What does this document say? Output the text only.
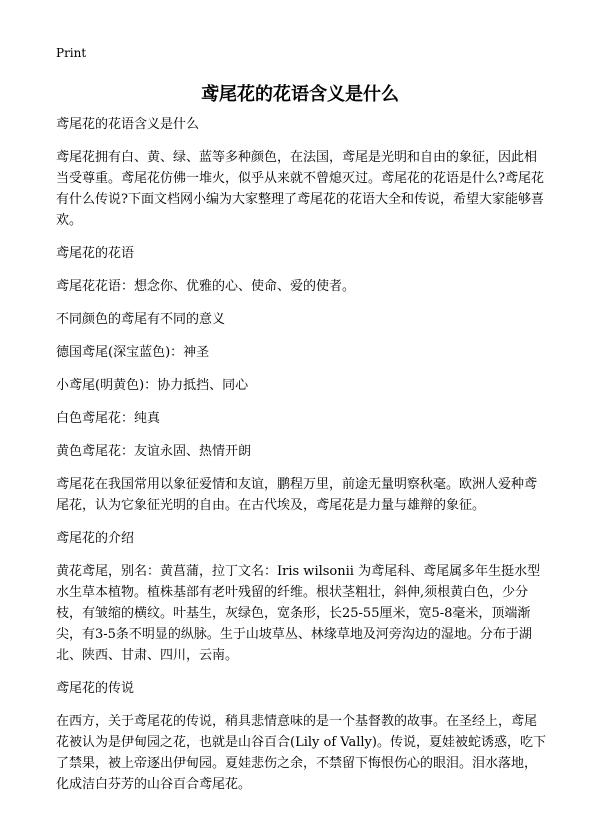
Print
鸢尾花的花语含义是什么

鸢尾花的花语含义是什么

鸢尾花拥有白、黄、绿、蓝等多种颜色，在法国，鸢尾是光明和自由的象征，因此相当受尊重。鸢尾花仿佛一堆火，似乎从来就不曾熄灭过。鸢尾花的花语是什么?鸢尾花有什么传说?下面文档网小编为大家整理了鸢尾花的花语大全和传说，希望大家能够喜欢。

鸢尾花的花语

鸢尾花花语：想念你、优雅的心、使命、爱的使者。

不同颜色的鸢尾有不同的意义

德国鸢尾(深宝蓝色)：神圣

小鸢尾(明黄色)：协力抵挡、同心

白色鸢尾花：纯真

黄色鸢尾花：友谊永固、热情开朗

鸢尾花在我国常用以象征爱情和友谊，鹏程万里，前途无量明察秋毫。欧洲人爱种鸢尾花，认为它象征光明的自由。在古代埃及，鸢尾花是力量与雄辩的象征。

鸢尾花的介绍

黄花鸢尾，别名：黄菖蒲，拉丁文名：Iris wilsonii 为鸢尾科、鸢尾属多年生挺水型水生草本植物。植株基部有老叶残留的纤维。根状茎粗壮，斜伸,须根黄白色，少分枝，有皱缩的横纹。叶基生，灰绿色，宽条形，长25-55厘米，宽5-8毫米，顶端渐尖，有3-5条不明显的纵脉。生于山坡草丛、林缘草地及河旁沟边的湿地。分布于湖北、陕西、甘肃、四川，云南。

鸢尾花的传说

在西方，关于鸢尾花的传说，稍具悲情意味的是一个基督教的故事。在圣经上，鸢尾花被认为是伊甸园之花，也就是山谷百合(Lily of Vally)。传说，夏娃被蛇诱惑，吃下了禁果，被上帝逐出伊甸园。夏娃悲伤之余，不禁留下悔恨伤心的眼泪。泪水落地，化成洁白芬芳的山谷百合鸢尾花。
